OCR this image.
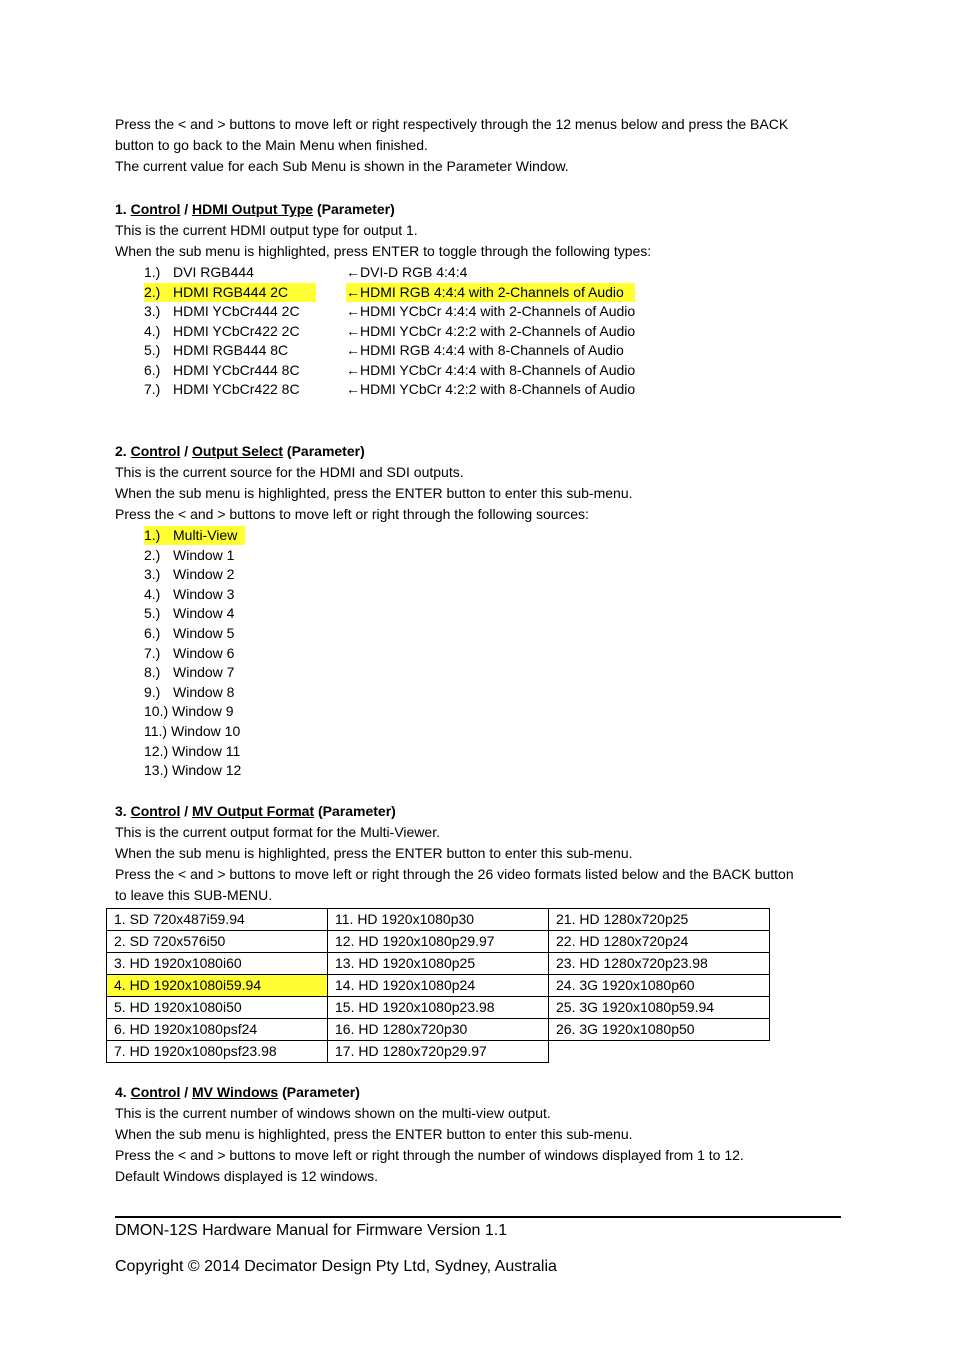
Press the < and > buttons to move left or right respectively through the 12 menus below and press the BACK
button to go back to the Main Menu when finished.
The current value for each Sub Menu is shown in the Parameter Window.
1. Control / HDMI Output Type (Parameter)
This is the current HDMI output type for output 1.
When the sub menu is highlighted, press ENTER to toggle through the following types:
1.) DVI RGB444	←DVI-D RGB 4:4:4
2.) HDMI RGB444 2C	←HDMI RGB 4:4:4 with 2-Channels of Audio
3.) HDMI YCbCr444 2C	←HDMI YCbCr 4:4:4 with 2-Channels of Audio
4.) HDMI YCbCr422 2C	←HDMI YCbCr 4:2:2 with 2-Channels of Audio
5.) HDMI RGB444 8C	←HDMI RGB 4:4:4 with 8-Channels of Audio
6.) HDMI YCbCr444 8C	←HDMI YCbCr 4:4:4 with 8-Channels of Audio
7.) HDMI YCbCr422 8C	←HDMI YCbCr 4:2:2 with 8-Channels of Audio
2. Control / Output Select (Parameter)
This is the current source for the HDMI and SDI outputs.
When the sub menu is highlighted, press the ENTER button to enter this sub-menu.
Press the < and > buttons to move left or right through the following sources:
1.) Multi-View
2.) Window 1
3.) Window 2
4.) Window 3
5.) Window 4
6.) Window 5
7.) Window 6
8.) Window 7
9.) Window 8
10.) Window 9
11.) Window 10
12.) Window 11
13.) Window 12
3. Control / MV Output Format (Parameter)
This is the current output format for the Multi-Viewer.
When the sub menu is highlighted, press the ENTER button to enter this sub-menu.
Press the < and > buttons to move left or right through the 26 video formats listed below and the BACK button
to leave this SUB-MENU.
1. SD 720x487i59.94	11. HD 1920x1080p30	21. HD 1280x720p25
2. SD 720x576i50	12. HD 1920x1080p29.97	22. HD 1280x720p24
3. HD 1920x1080i60	13. HD 1920x1080p25	23. HD 1280x720p23.98
4. HD 1920x1080i59.94	14. HD 1920x1080p24	24. 3G 1920x1080p60
5. HD 1920x1080i50	15. HD 1920x1080p23.98	25. 3G 1920x1080p59.94
6. HD 1920x1080psf24	16. HD 1280x720p30	26. 3G 1920x1080p50
7. HD 1920x1080psf23.98	17. HD 1280x720p29.97	
4. Control / MV Windows (Parameter)
This is the current number of windows shown on the multi-view output.
When the sub menu is highlighted, press the ENTER button to enter this sub-menu.
Press the < and > buttons to move left or right through the number of windows displayed from 1 to 12.
Default Windows displayed is 12 windows.
DMON-12S Hardware Manual for Firmware Version 1.1
Copyright © 2014 Decimator Design Pty Ltd, Sydney, Australia
